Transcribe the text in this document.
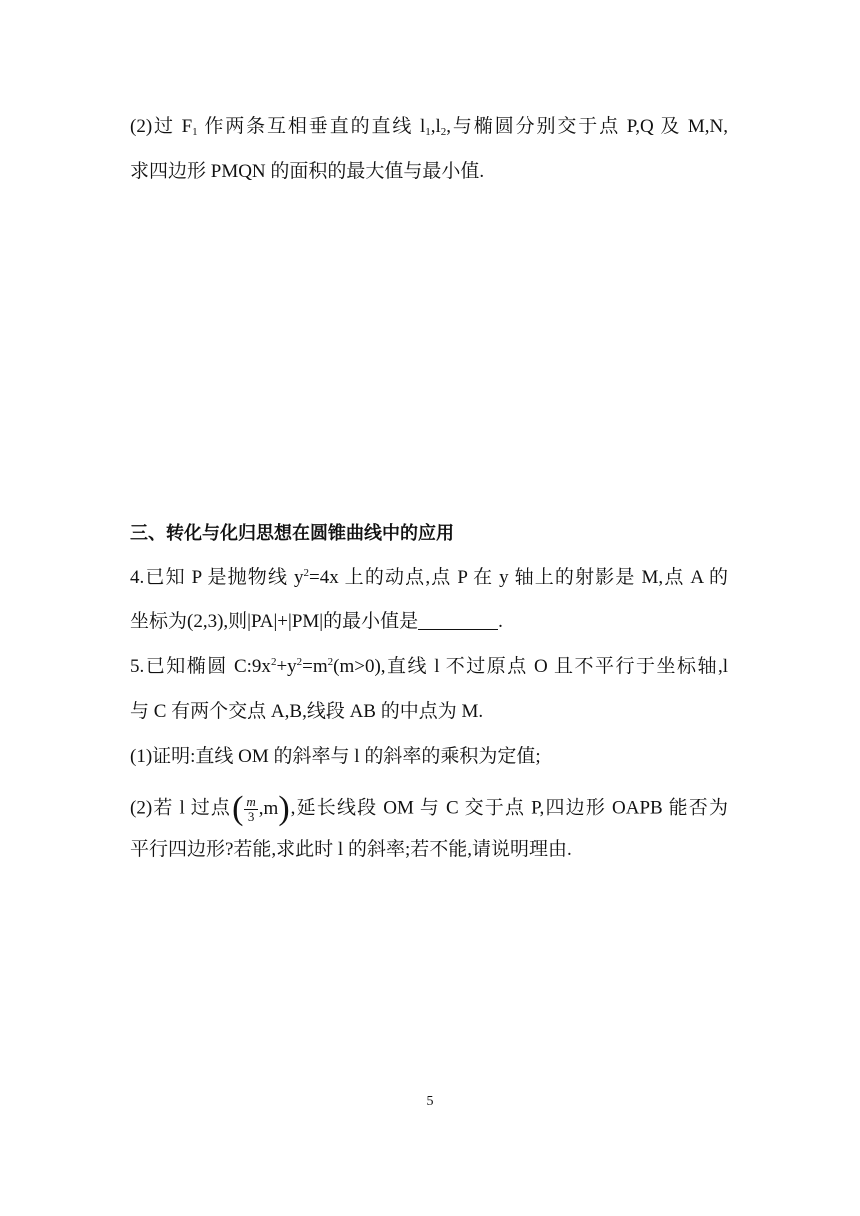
(2)过 $F_1$ 作两条互相垂直的直线 $l_1,l_2$,与椭圆分别交于点 P,Q 及 M,N,
求四边形 PMQN 的面积的最大值与最小值.
三、转化与化归思想在圆锥曲线中的应用
4.已知 P 是抛物线 $y^2=4x$ 上的动点,点 P 在 y 轴上的射影是 M,点 A 的
坐标为(2,3),则|PA|+|PM|的最小值是	.
5.已知椭圆 $C:9x^2+y^2=m^2(m>0)$,直线 l 不过原点 O 且不平行于坐标轴,l
与 C 有两个交点 A,B,线段 AB 的中点为 M.
(1)证明:直线 OM 的斜率与 l 的斜率的乘积为定值;
(2)若 l 过点 ( $\frac{m}{3} ,m$ ) ,延长线段 OM 与 C 交于点 P,四边形 OAPB 能否为
平行四边形?若能,求此时 l 的斜率;若不能,请说明理由.
5
